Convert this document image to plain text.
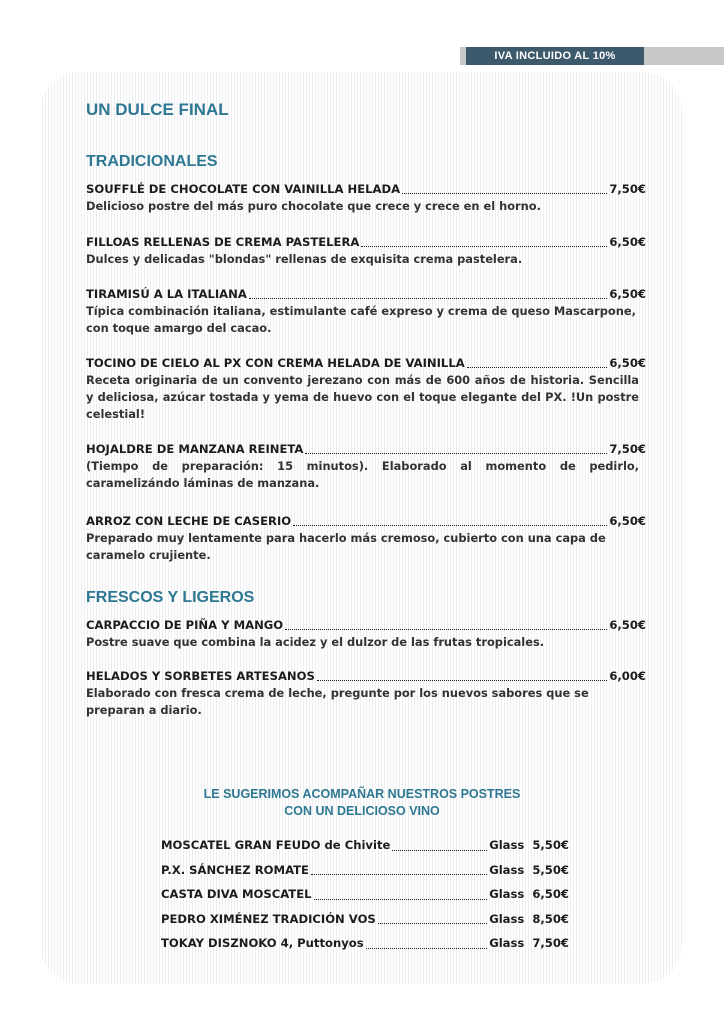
IVA INCLUIDO AL 10%
UN DULCE FINAL
TRADICIONALES
SOUFFLÉ DE CHOCOLATE CON VAINILLA HELADA	7,50€
Delicioso postre del más puro chocolate que crece y crece en el horno.
FILLOAS RELLENAS DE CREMA PASTELERA	6,50€
Dulces y delicadas "blondas" rellenas de exquisita crema pastelera.
TIRAMISÚ A LA ITALIANA	6,50€
Típica combinación italiana, estimulante café expreso y crema de queso Mascarpone, con toque amargo del cacao.
TOCINO DE CIELO AL PX CON CREMA HELADA DE VAINILLA	6,50€
Receta originaria de un convento jerezano con más de 600 años de historia. Sencilla y deliciosa, azúcar tostada y yema de huevo con el toque elegante del PX. !Un postre celestial!
HOJALDRE DE MANZANA REINETA	7,50€
(Tiempo de preparación: 15 minutos). Elaborado al momento de pedirlo, caramelizándo láminas de manzana.
ARROZ CON LECHE DE CASERIO	6,50€
Preparado muy lentamente para hacerlo más cremoso, cubierto con una capa de caramelo crujiente.
FRESCOS Y LIGEROS
CARPACCIO DE PIÑA Y MANGO	6,50€
Postre suave que combina la acidez y el dulzor de las frutas tropicales.
HELADOS Y SORBETES ARTESANOS	6,00€
Elaborado con fresca crema de leche, pregunte por los nuevos sabores que se preparan a diario.
LE SUGERIMOS ACOMPAÑAR NUESTROS POSTRES
CON UN DELICIOSO VINO
MOSCATEL GRAN FEUDO de Chivite	Glass 5,50€
P.X. SÁNCHEZ ROMATE	Glass 5,50€
CASTA DIVA MOSCATEL	Glass 6,50€
PEDRO XIMÉNEZ TRADICIÓN VOS	Glass 8,50€
TOKAY DISZNOKO 4, Puttonyos	Glass 7,50€
